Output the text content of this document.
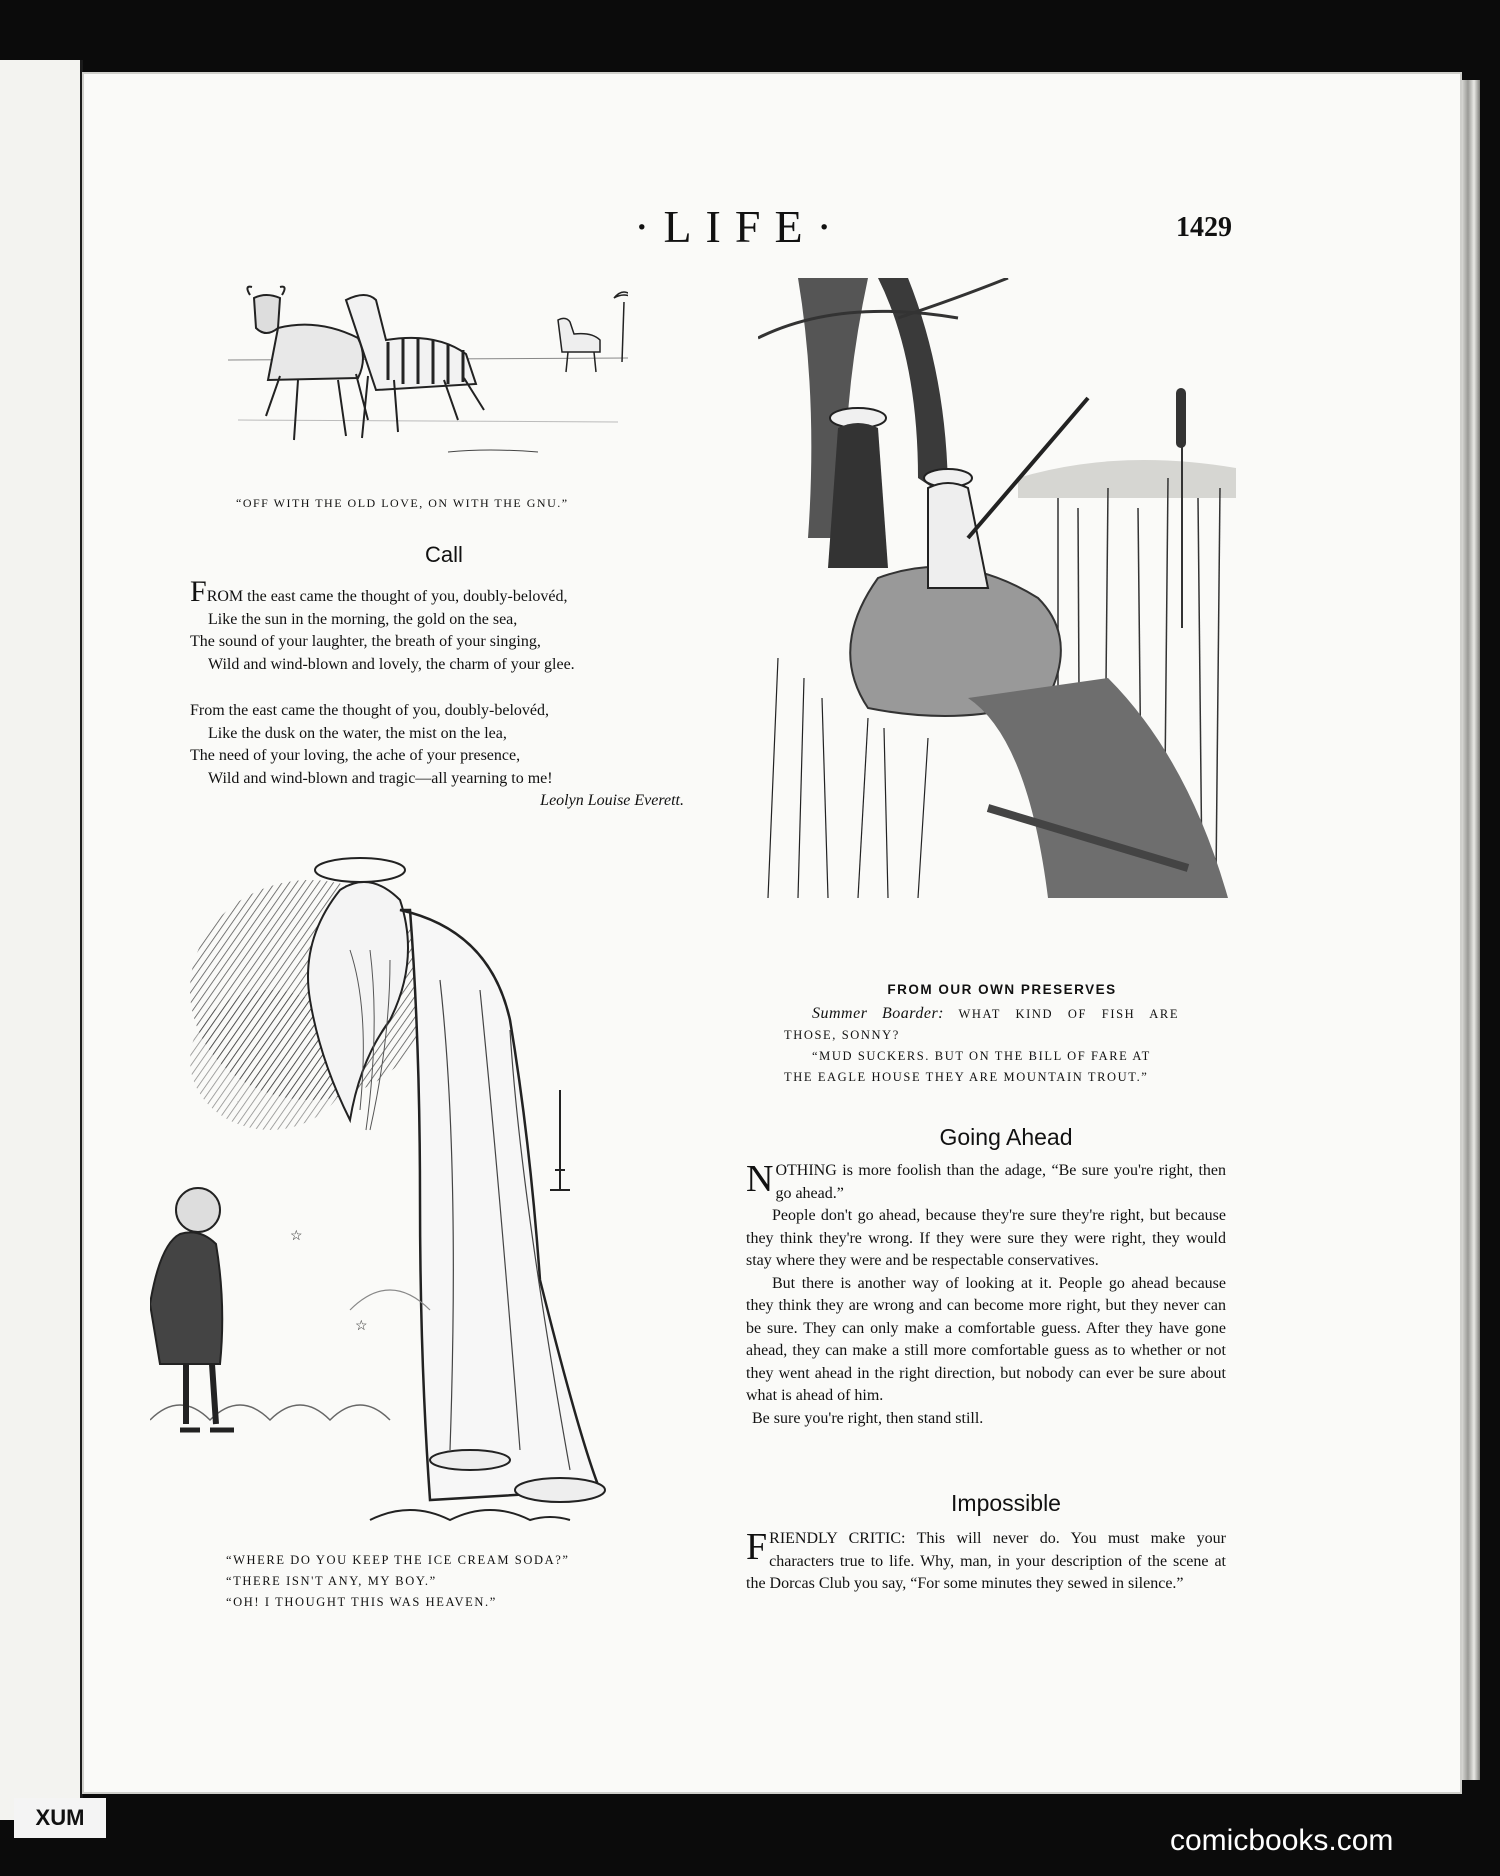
·LIFE·	1429
“OFF WITH THE OLD LOVE, ON WITH THE GNU.”
Call
FROM the east came the thought of you, doubly-belovéd,
Like the sun in the morning, the gold on the sea,
The sound of your laughter, the breath of your singing,
Wild and wind-blown and lovely, the charm of your glee.
From the east came the thought of you, doubly-belovéd,
Like the dusk on the water, the mist on the lea,
The need of your loving, the ache of your presence,
Wild and wind-blown and tragic—all yearning to me!
Leolyn Louise Everett.
☆
☆
“WHERE DO YOU KEEP THE ICE CREAM SODA?”
“THERE ISN'T ANY, MY BOY.”
“OH! I THOUGHT THIS WAS HEAVEN.”
FROM OUR OWN PRESERVES
Summer Boarder: WHAT KIND OF FISH ARE
THOSE, SONNY?
“MUD SUCKERS. BUT ON THE BILL OF FARE AT
THE EAGLE HOUSE THEY ARE MOUNTAIN TROUT.”
Going Ahead

NOTHING is more foolish than the adage, “Be sure you're right, then go ahead.”

People don't go ahead, because they're sure they're right, but because they think they're wrong. If they were sure they were right, they would stay where they were and be respectable conservatives.

But there is another way of looking at it. People go ahead because they think they are wrong and can become more right, but they never can be sure. They can only make a comfortable guess. After they have gone ahead, they can make a still more comfortable guess as to whether or not they went ahead in the right direction, but nobody can ever be sure about what is ahead of him.

Be sure you're right, then stand still.

Impossible

FRIENDLY CRITIC: This will never do. You must make your characters true to life. Why, man, in your description of the scene at the Dorcas Club you say, “For some minutes they sewed in silence.”

XUM
comicbooks.com
